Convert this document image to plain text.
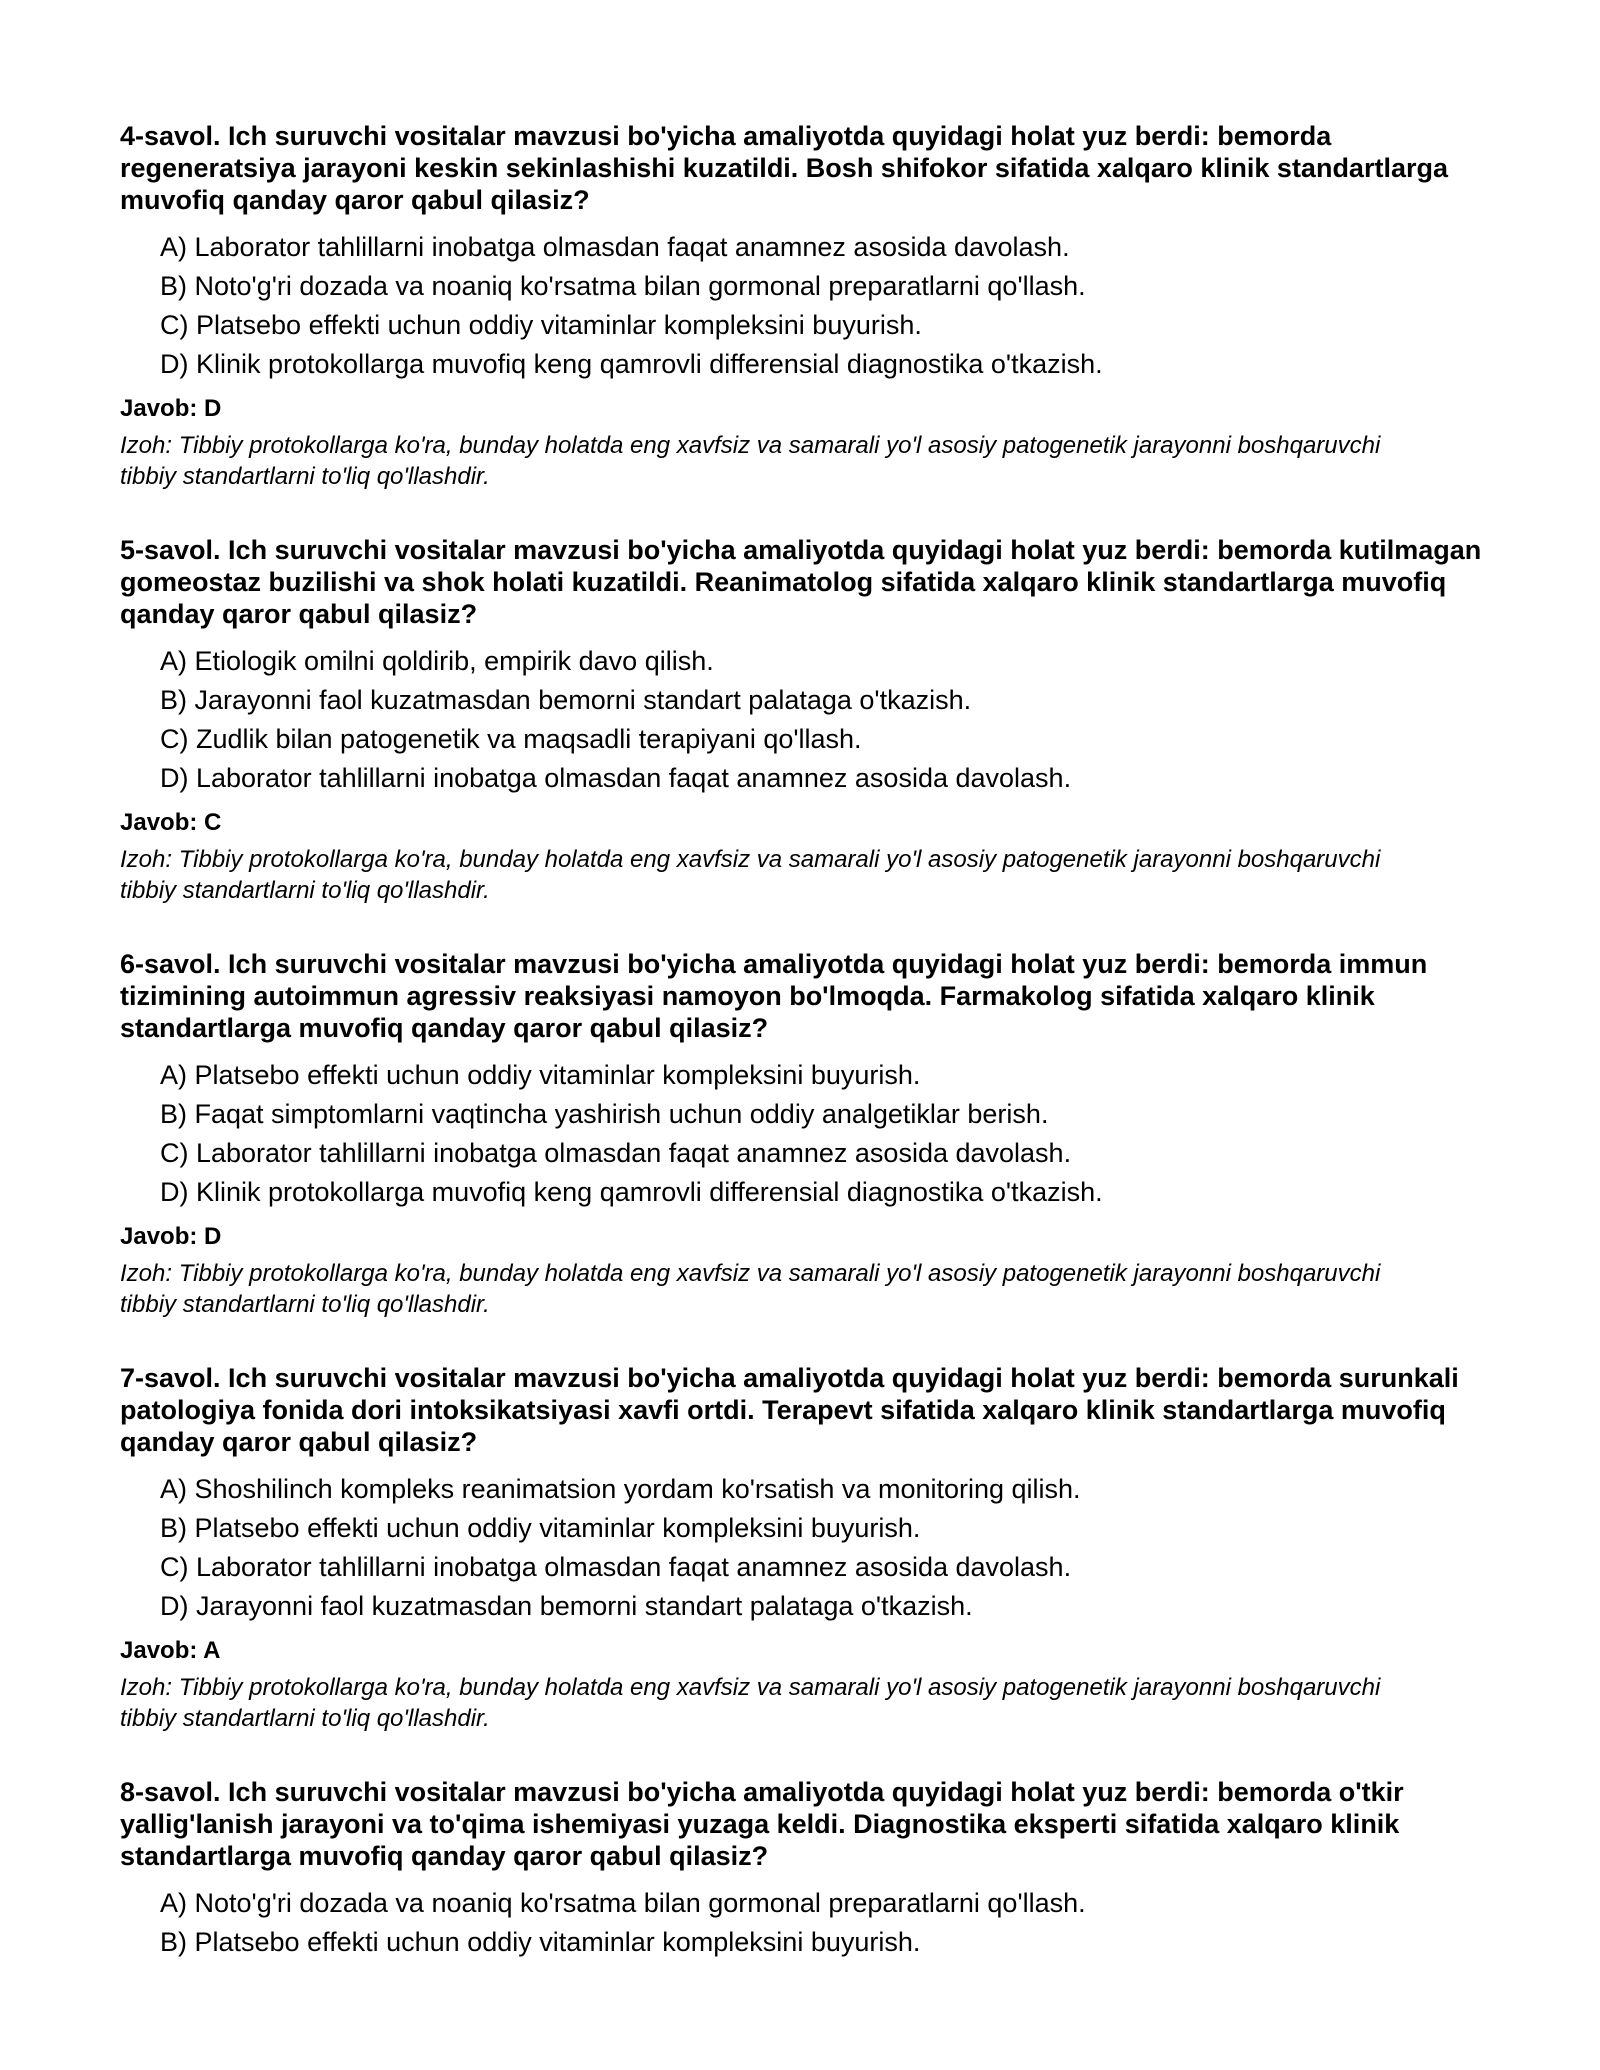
4-savol. Ich suruvchi vositalar mavzusi bo'yicha amaliyotda quyidagi holat yuz berdi: bemorda regeneratsiya jarayoni keskin sekinlashishi kuzatildi. Bosh shifokor sifatida xalqaro klinik standartlarga muvofiq qanday qaror qabul qilasiz?
A) Laborator tahlillarni inobatga olmasdan faqat anamnez asosida davolash.
B) Noto'g'ri dozada va noaniq ko'rsatma bilan gormonal preparatlarni qo'llash.
C) Platsebo effekti uchun oddiy vitaminlar kompleksini buyurish.
D) Klinik protokollarga muvofiq keng qamrovli differensial diagnostika o'tkazish.
Javob: D
Izoh: Tibbiy protokollarga ko'ra, bunday holatda eng xavfsiz va samarali yo'l asosiy patogenetik jarayonni boshqaruvchi tibbiy standartlarni to'liq qo'llashdir.
5-savol. Ich suruvchi vositalar mavzusi bo'yicha amaliyotda quyidagi holat yuz berdi: bemorda kutilmagan gomeostaz buzilishi va shok holati kuzatildi. Reanimatolog sifatida xalqaro klinik standartlarga muvofiq qanday qaror qabul qilasiz?
A) Etiologik omilni qoldirib, empirik davo qilish.
B) Jarayonni faol kuzatmasdan bemorni standart palataga o'tkazish.
C) Zudlik bilan patogenetik va maqsadli terapiyani qo'llash.
D) Laborator tahlillarni inobatga olmasdan faqat anamnez asosida davolash.
Javob: C
Izoh: Tibbiy protokollarga ko'ra, bunday holatda eng xavfsiz va samarali yo'l asosiy patogenetik jarayonni boshqaruvchi tibbiy standartlarni to'liq qo'llashdir.
6-savol. Ich suruvchi vositalar mavzusi bo'yicha amaliyotda quyidagi holat yuz berdi: bemorda immun tizimining autoimmun agressiv reaksiyasi namoyon bo'lmoqda. Farmakolog sifatida xalqaro klinik standartlarga muvofiq qanday qaror qabul qilasiz?
A) Platsebo effekti uchun oddiy vitaminlar kompleksini buyurish.
B) Faqat simptomlarni vaqtincha yashirish uchun oddiy analgetiklar berish.
C) Laborator tahlillarni inobatga olmasdan faqat anamnez asosida davolash.
D) Klinik protokollarga muvofiq keng qamrovli differensial diagnostika o'tkazish.
Javob: D
Izoh: Tibbiy protokollarga ko'ra, bunday holatda eng xavfsiz va samarali yo'l asosiy patogenetik jarayonni boshqaruvchi tibbiy standartlarni to'liq qo'llashdir.
7-savol. Ich suruvchi vositalar mavzusi bo'yicha amaliyotda quyidagi holat yuz berdi: bemorda surunkali patologiya fonida dori intoksikatsiyasi xavfi ortdi. Terapevt sifatida xalqaro klinik standartlarga muvofiq qanday qaror qabul qilasiz?
A) Shoshilinch kompleks reanimatsion yordam ko'rsatish va monitoring qilish.
B) Platsebo effekti uchun oddiy vitaminlar kompleksini buyurish.
C) Laborator tahlillarni inobatga olmasdan faqat anamnez asosida davolash.
D) Jarayonni faol kuzatmasdan bemorni standart palataga o'tkazish.
Javob: A
Izoh: Tibbiy protokollarga ko'ra, bunday holatda eng xavfsiz va samarali yo'l asosiy patogenetik jarayonni boshqaruvchi tibbiy standartlarni to'liq qo'llashdir.
8-savol. Ich suruvchi vositalar mavzusi bo'yicha amaliyotda quyidagi holat yuz berdi: bemorda o'tkir yallig'lanish jarayoni va to'qima ishemiyasi yuzaga keldi. Diagnostika eksperti sifatida xalqaro klinik standartlarga muvofiq qanday qaror qabul qilasiz?
A) Noto'g'ri dozada va noaniq ko'rsatma bilan gormonal preparatlarni qo'llash.
B) Platsebo effekti uchun oddiy vitaminlar kompleksini buyurish.
